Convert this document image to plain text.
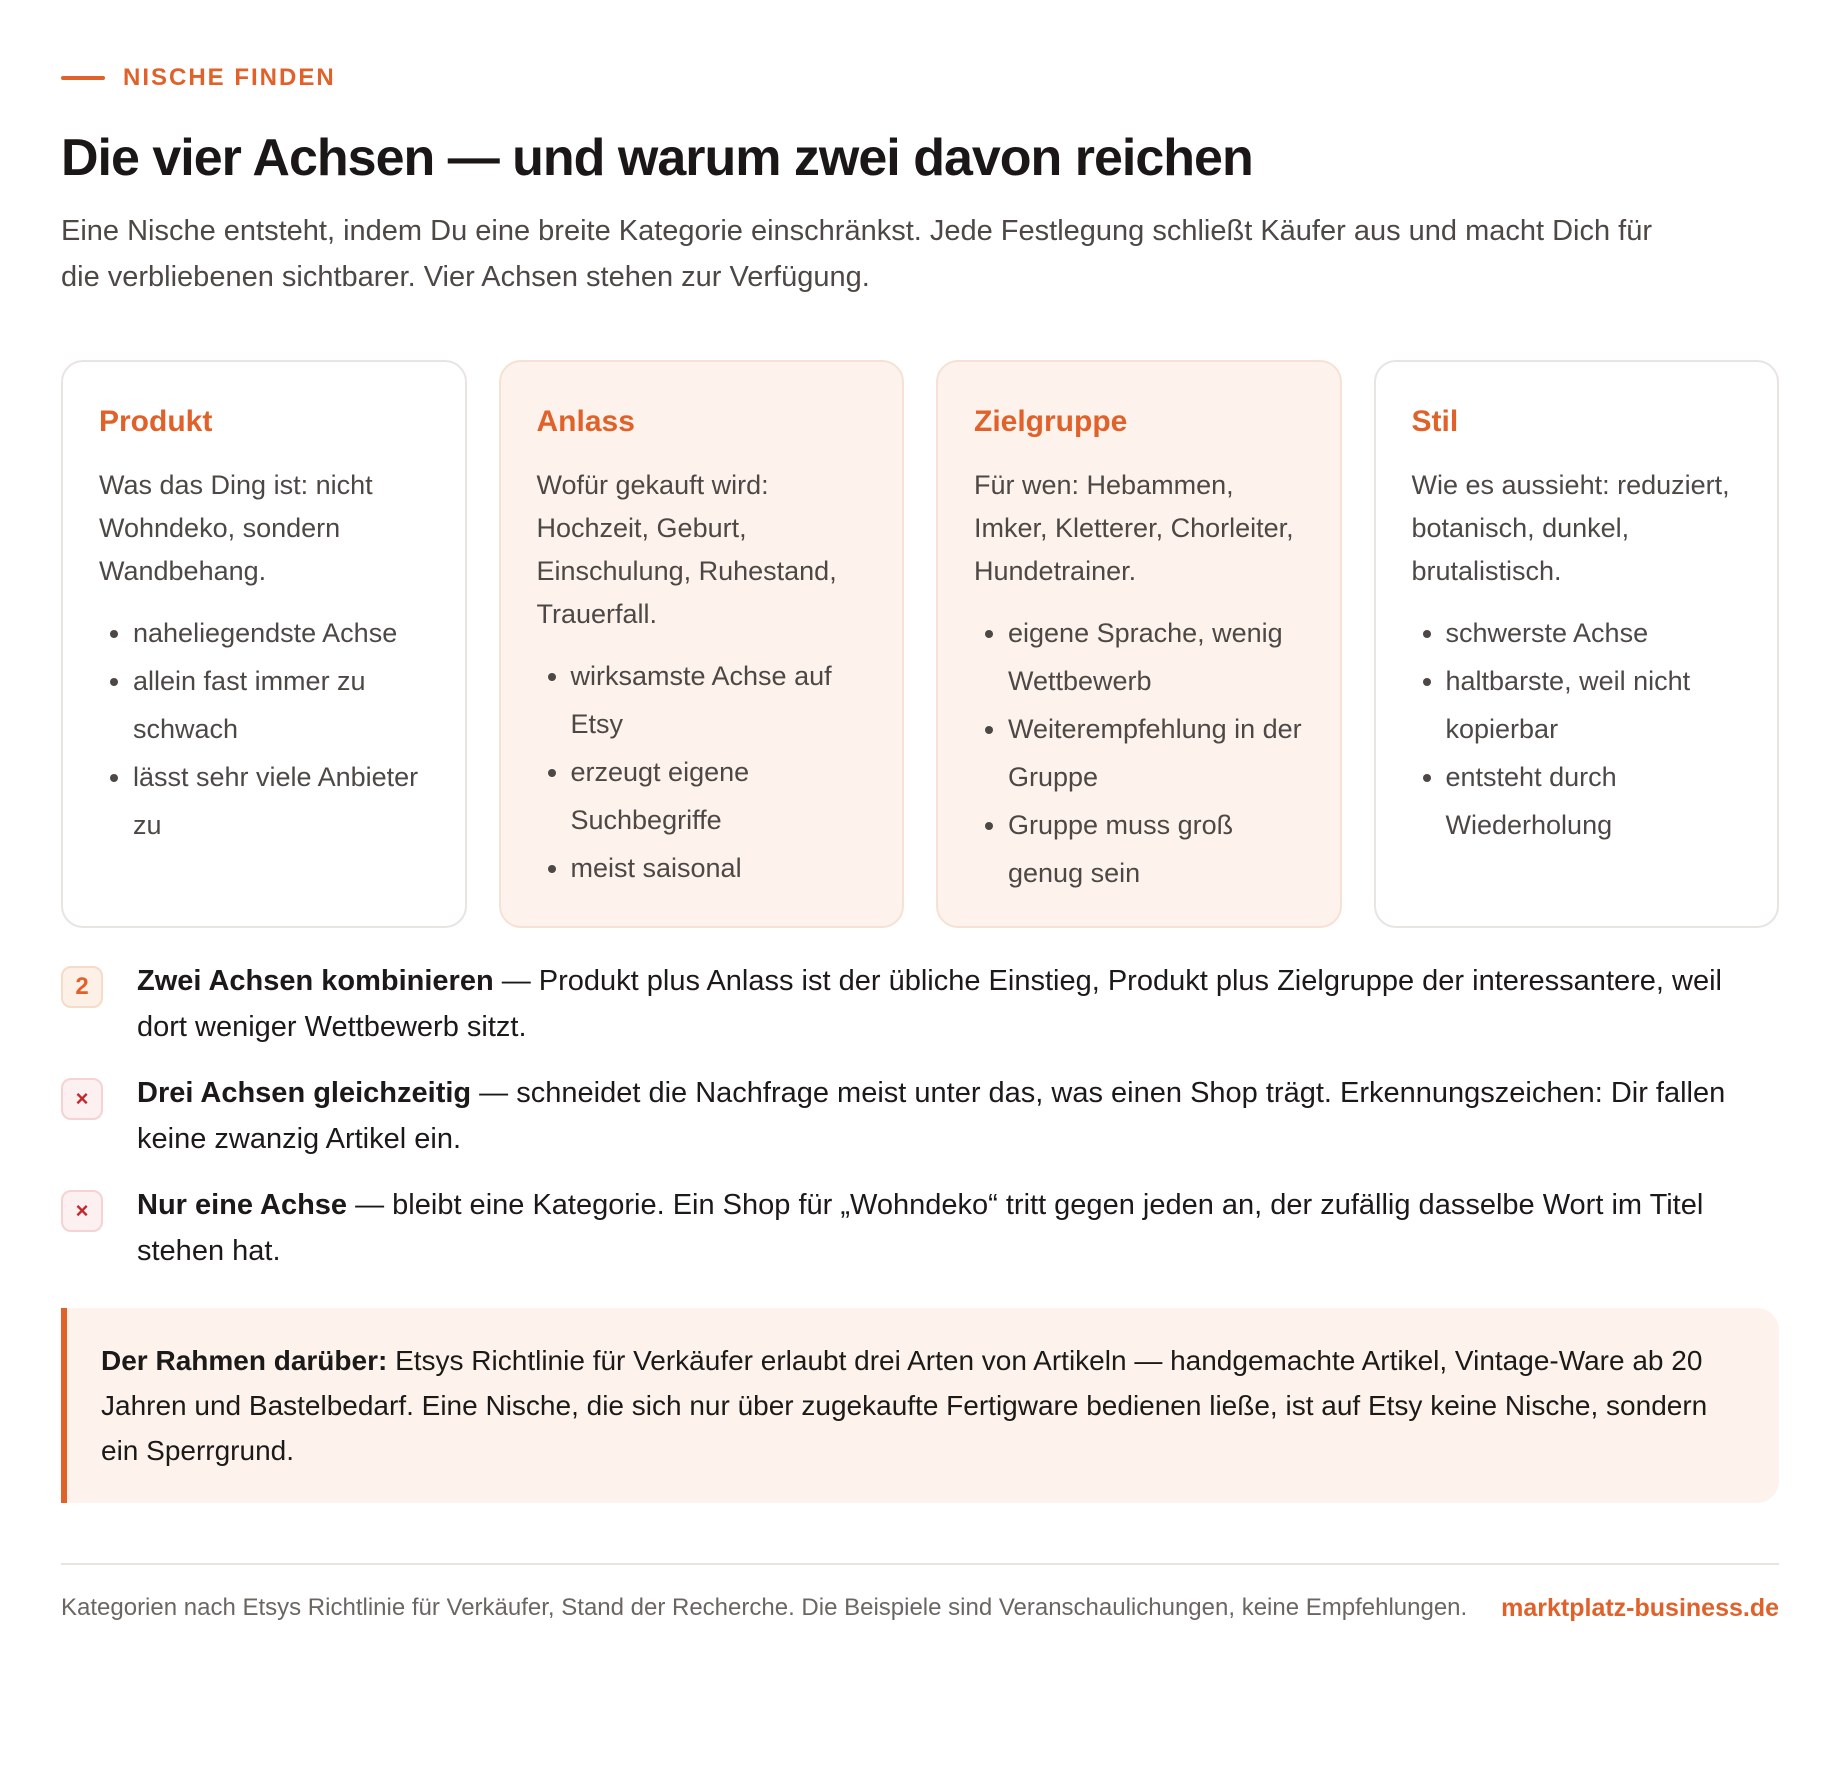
NISCHE FINDEN
Die vier Achsen — und warum zwei davon reichen

Eine Nische entsteht, indem Du eine breite Kategorie einschränkst. Jede Festlegung schließt Käufer aus und macht Dich für die verbliebenen sichtbarer. Vier Achsen stehen zur Verfügung.

Produkt

Was das Ding ist: nicht Wohndeko, sondern Wandbehang.

• naheliegendste Achse
• allein fast immer zu schwach
• lässt sehr viele Anbieter zu
Anlass

Wofür gekauft wird: Hochzeit, Geburt, Einschulung, Ruhestand, Trauerfall.

• wirksamste Achse auf Etsy
• erzeugt eigene Suchbegriffe
• meist saisonal
Zielgruppe

Für wen: Hebammen, Imker, Kletterer, Chorleiter, Hundetrainer.

• eigene Sprache, wenig Wettbewerb
• Weiterempfehlung in der Gruppe
• Gruppe muss groß genug sein
Stil

Wie es aussieht: reduziert, botanisch, dunkel, brutalistisch.

• schwerste Achse
• haltbarste, weil nicht kopierbar
• entsteht durch Wiederholung
2	Zwei Achsen kombinieren — Produkt plus Anlass ist der übliche Einstieg, Produkt plus Zielgruppe der interessantere, weil dort weniger Wettbewerb sitzt.
×	Drei Achsen gleichzeitig — schneidet die Nachfrage meist unter das, was einen Shop trägt. Erkennungszeichen: Dir fallen keine zwanzig Artikel ein.
×	Nur eine Achse — bleibt eine Kategorie. Ein Shop für „Wohndeko“ tritt gegen jeden an, der zufällig dasselbe Wort im Titel stehen hat.
Der Rahmen darüber: Etsys Richtlinie für Verkäufer erlaubt drei Arten von Artikeln — handgemachte Artikel, Vintage-Ware ab 20 Jahren und Bastelbedarf. Eine Nische, die sich nur über zugekaufte Fertigware bedienen ließe, ist auf Etsy keine Nische, sondern ein Sperrgrund.
Kategorien nach Etsys Richtlinie für Verkäufer, Stand der Recherche. Die Beispiele sind Veranschaulichungen, keine Empfehlungen. marktplatz-business.de
